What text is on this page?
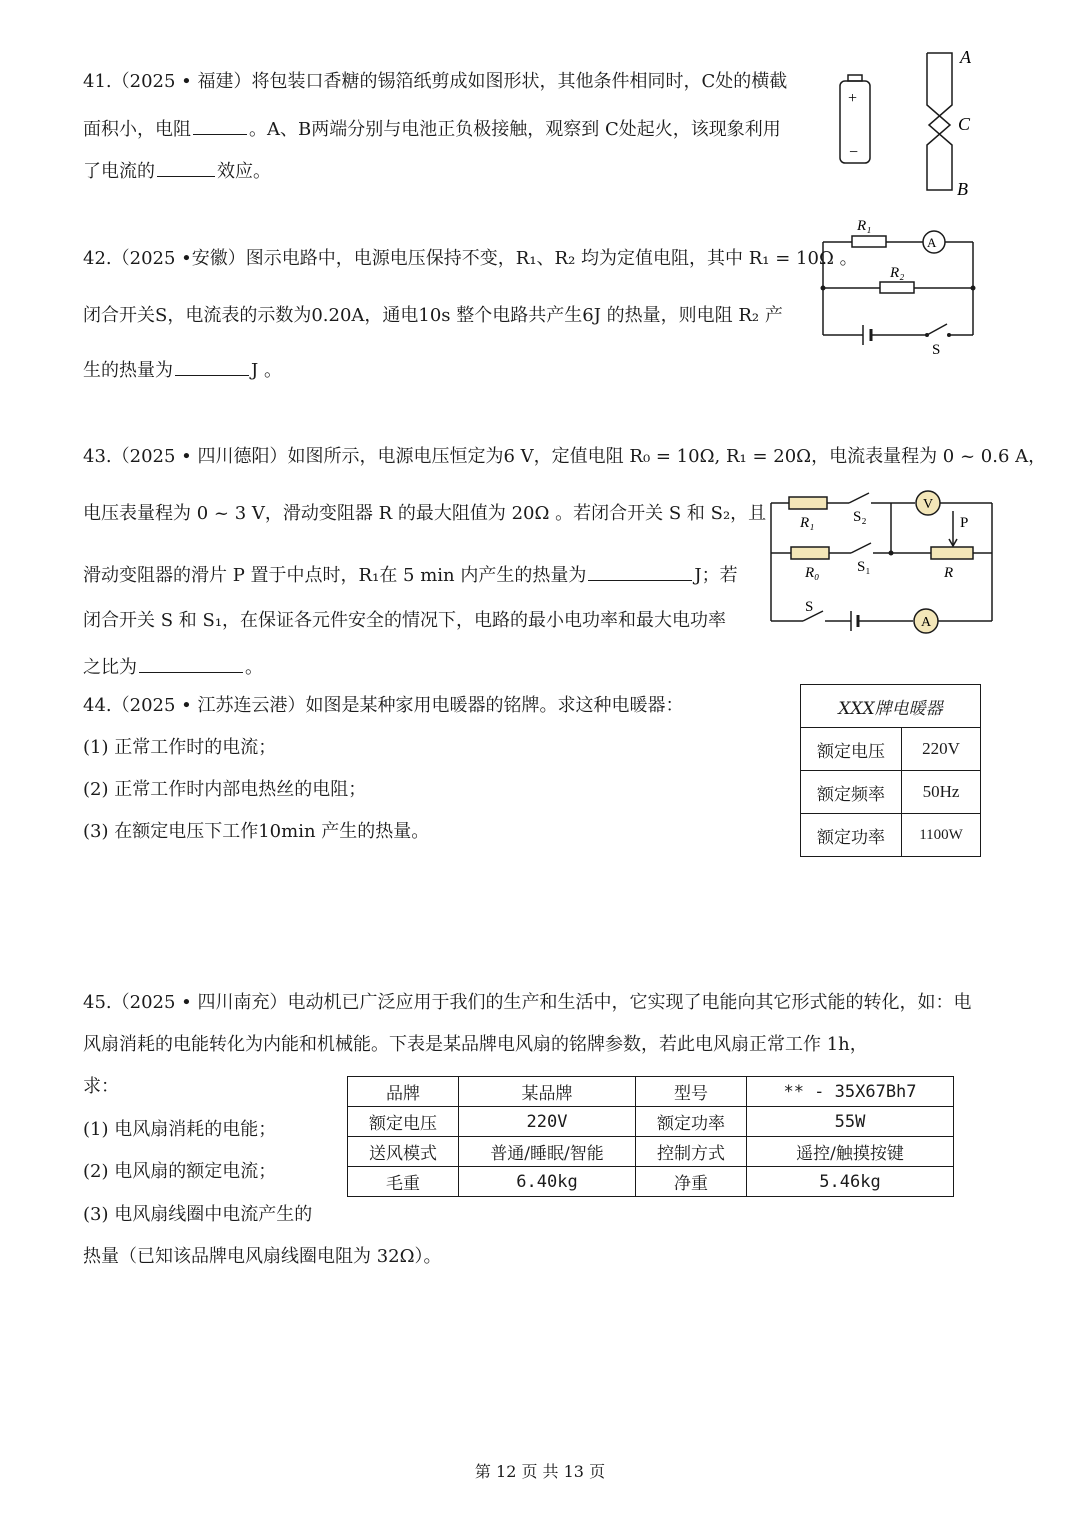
41.（2025 • 福建）将包装口香糖的锡箔纸剪成如图形状，其他条件相同时，C处的横截
面积小，电阻	。A、B两端分别与电池正负极接触，观察到 C处起火，该现象利用
了电流的	效应。
+
−
A
C
B
42.（2025 •安徽）图示电路中，电源电压保持不变，R₁、R₂ 均为定值电阻，其中 R₁ = 10Ω 。
闭合开关S，电流表的示数为0.20A，通电10s 整个电路共产生6J 的热量，则电阻 R₂ 产
生的热量为	J 。
R₁
A
R₂
S
43.（2025 • 四川德阳）如图所示，电源电压恒定为6 V，定值电阻 R₀ = 10Ω, R₁ = 20Ω，电流表量程为 0 ~ 0.6 A，
电压表量程为 0 ~ 3 V，滑动变阻器 R 的最大阻值为 20Ω 。若闭合开关 S 和 S₂，且
滑动变阻器的滑片 P 置于中点时，R₁在 5 min 内产生的热量为	J；若
闭合开关 S 和 S₁，在保证各元件安全的情况下，电路的最小电功率和最大电功率
之比为	。
R₁	S₂
V
P
R₀	S₁	R
S
A
44.（2025 • 江苏连云港）如图是某种家用电暖器的铭牌。求这种电暖器：
(1) 正常工作时的电流；
(2) 正常工作时内部电热丝的电阻；
(3) 在额定电压下工作10min 产生的热量。
XXX牌电暖器	
额定电压	220V
额定频率	50Hz
额定功率	1100W
45.（2025 • 四川南充）电动机已广泛应用于我们的生产和生活中，它实现了电能向其它形式能的转化，如：电
风扇消耗的电能转化为内能和机械能。下表是某品牌电风扇的铭牌参数，若此电风扇正常工作 1h，
求：
(1) 电风扇消耗的电能；
(2) 电风扇的额定电流；
(3) 电风扇线圈中电流产生的
热量（已知该品牌电风扇线圈电阻为 32Ω）。
品牌	某品牌	型号	** - 35X67Bh7
额定电压	220V	额定功率	55W
送风模式	普通/睡眠/智能	控制方式	遥控/触摸按键
毛重	6.40kg	净重	5.46kg
第 12 页 共 13 页
